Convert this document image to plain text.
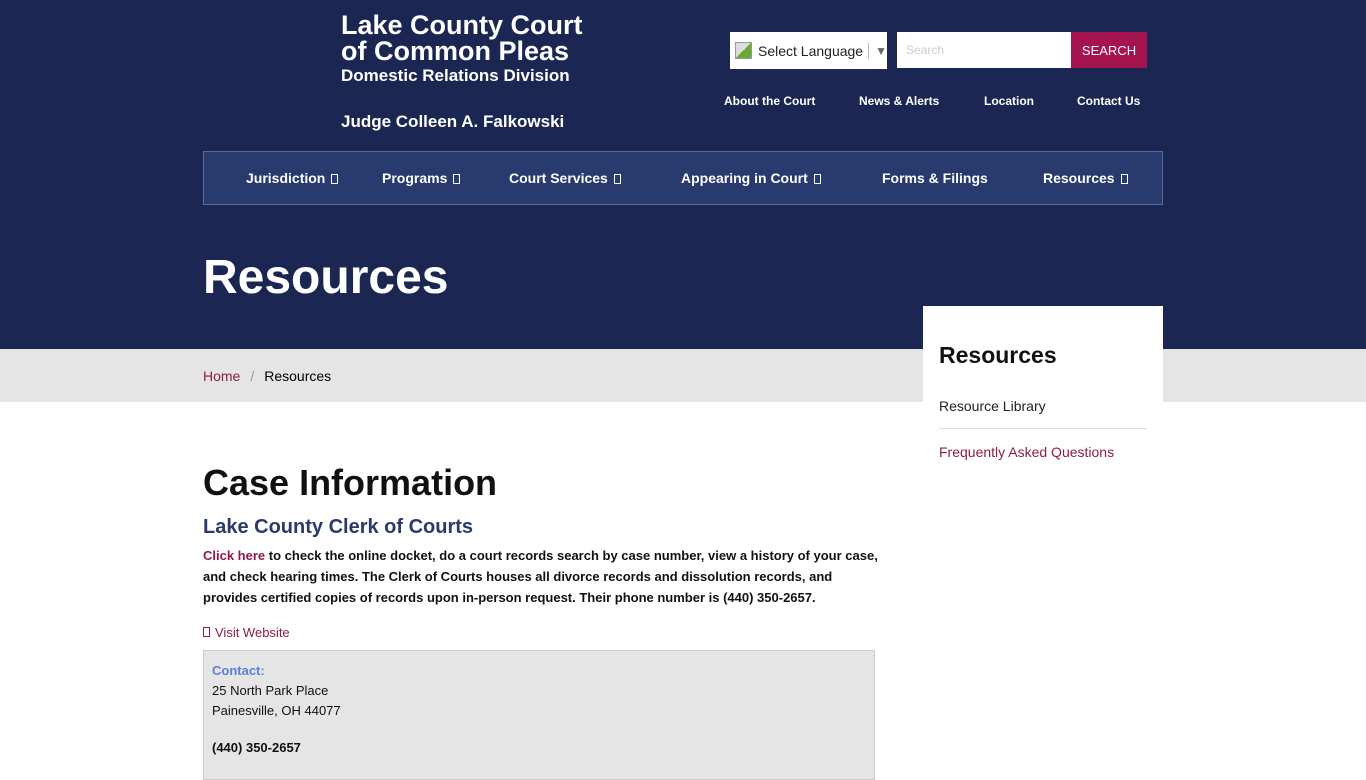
Lake County Court
of Common Pleas
Domestic Relations Division
Judge Colleen A. Falkowski
Select Language ▼	Search	SEARCH
About the Court	News & Alerts	Location	Contact Us
Jurisdiction	Programs	Court Services	Appearing in Court	Forms & Filings	Resources
Resources
Home / Resources
Resources
Resource Library
Frequently Asked Questions
Case Information
Lake County Clerk of Courts

Click here to check the online docket, do a court records search by case number, view a history of your case, and check hearing times. The Clerk of Courts houses all divorce records and dissolution records, and provides certified copies of records upon in-person request. Their phone number is (440) 350-2657.

Visit Website
Contact:
25 North Park Place
Painesville, OH 44077
(440) 350-2657
